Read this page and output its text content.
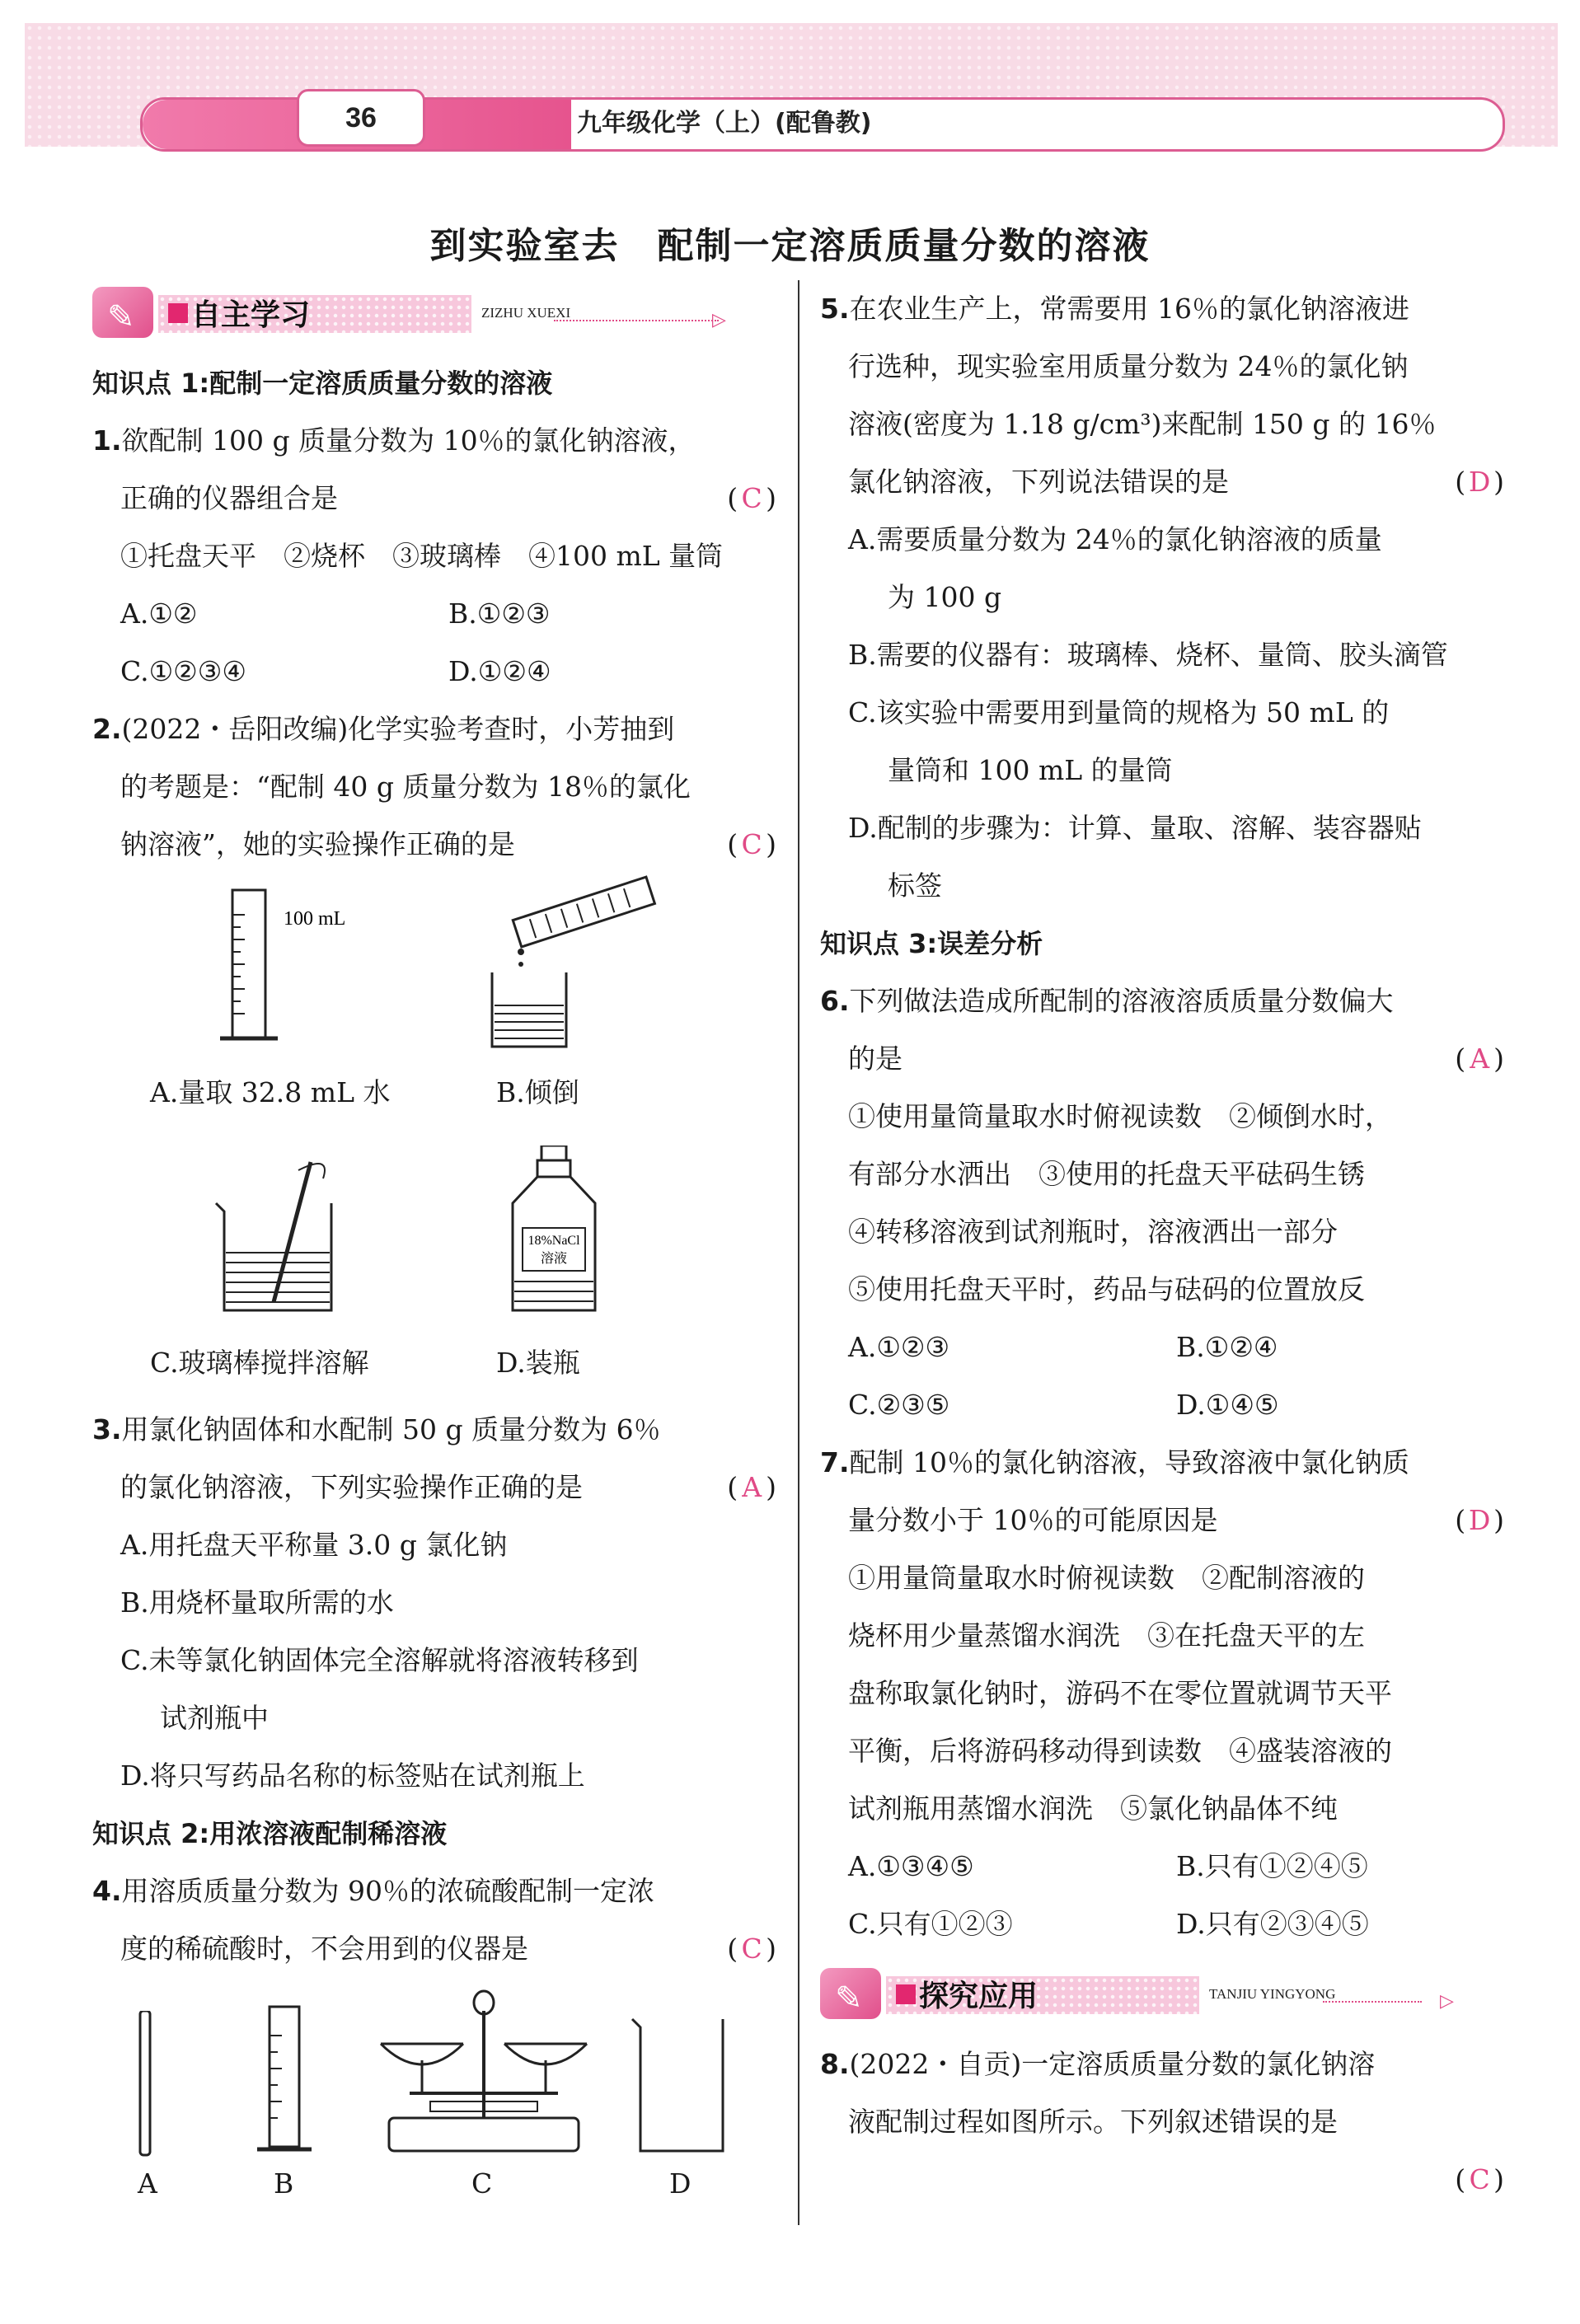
36	九年级化学（上）(配鲁教)
到实验室去　配制一定溶质质量分数的溶液
✎ 自主学习	ZIZHU XUEXI	▷
知识点 1:配制一定溶质质量分数的溶液
1.欲配制 100 g 质量分数为 10％的氯化钠溶液，
正确的仪器组合是	( C )
①托盘天平　②烧杯　③玻璃棒　④100 mL 量筒
A.①②	B.①②③
C.①②③④	D.①②④
2.(2022・岳阳改编)化学实验考查时，小芳抽到
的考题是：“配制 40 g 质量分数为 18％的氯化
钠溶液”，她的实验操作正确的是	( C )
100 mL
A.量取 32.8 mL 水	B.倾倒
18%NaCl
溶液
C.玻璃棒搅拌溶解	D.装瓶
3.用氯化钠固体和水配制 50 g 质量分数为 6％
的氯化钠溶液，下列实验操作正确的是	( A )
A.用托盘天平称量 3.0 g 氯化钠
B.用烧杯量取所需的水
C.未等氯化钠固体完全溶解就将溶液转移到
试剂瓶中
D.将只写药品名称的标签贴在试剂瓶上
知识点 2:用浓溶液配制稀溶液
4.用溶质质量分数为 90％的浓硫酸配制一定浓
度的稀硫酸时，不会用到的仪器是	( C )
A	B	C	D
5.在农业生产上，常需要用 16％的氯化钠溶液进
行选种，现实验室用质量分数为 24％的氯化钠
溶液(密度为 1.18 g/cm³)来配制 150 g 的 16％
氯化钠溶液，下列说法错误的是	( D )
A.需要质量分数为 24％的氯化钠溶液的质量
为 100 g
B.需要的仪器有：玻璃棒、烧杯、量筒、胶头滴管
C.该实验中需要用到量筒的规格为 50 mL 的
量筒和 100 mL 的量筒
D.配制的步骤为：计算、量取、溶解、装容器贴
标签
知识点 3:误差分析
6.下列做法造成所配制的溶液溶质质量分数偏大
的是	( A )
①使用量筒量取水时俯视读数　②倾倒水时，
有部分水洒出　③使用的托盘天平砝码生锈
④转移溶液到试剂瓶时，溶液洒出一部分
⑤使用托盘天平时，药品与砝码的位置放反
A.①②③	B.①②④
C.②③⑤	D.①④⑤
7.配制 10％的氯化钠溶液，导致溶液中氯化钠质
量分数小于 10％的可能原因是	( D )
①用量筒量取水时俯视读数　②配制溶液的
烧杯用少量蒸馏水润洗　③在托盘天平的左
盘称取氯化钠时，游码不在零位置就调节天平
平衡，后将游码移动得到读数　④盛装溶液的
试剂瓶用蒸馏水润洗　⑤氯化钠晶体不纯
A.①③④⑤	B.只有①②④⑤
C.只有①②③	D.只有②③④⑤
✎ 探究应用	TANJIU YINGYONG	▷
8.(2022・自贡)一定溶质质量分数的氯化钠溶
液配制过程如图所示。下列叙述错误的是
( C )
